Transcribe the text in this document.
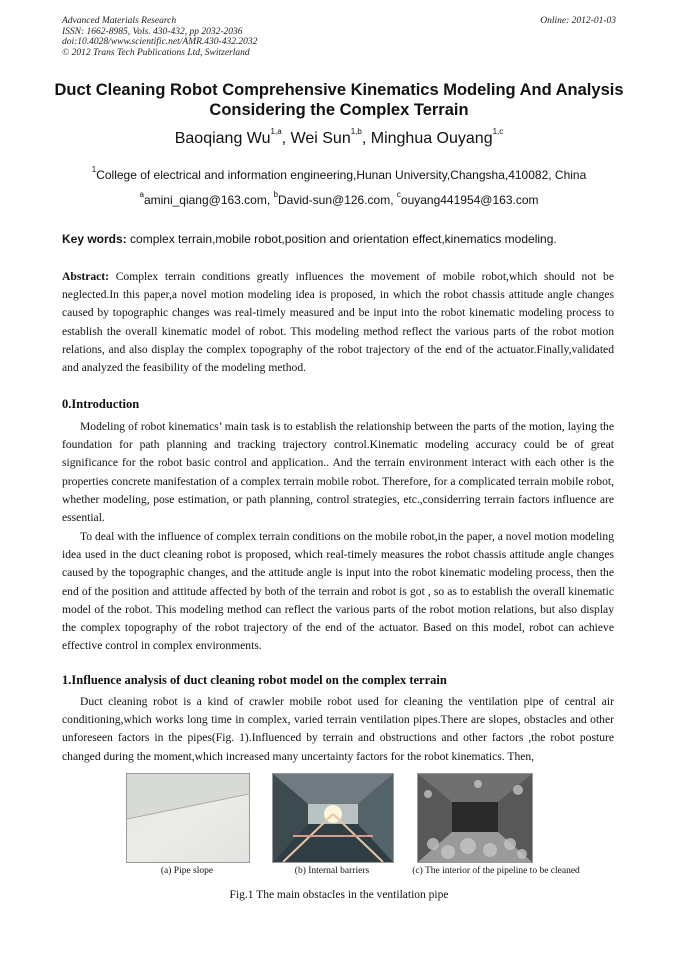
Advanced Materials Research
ISSN: 1662-8985, Vols. 430-432, pp 2032-2036
doi:10.4028/www.scientific.net/AMR.430-432.2032
© 2012 Trans Tech Publications Ltd, Switzerland
Online: 2012-01-03
Duct Cleaning Robot Comprehensive Kinematics Modeling And Analysis
Considering the Complex Terrain
Baoqiang Wu$^{1,a}$, Wei Sun$^{1,b}$, Minghua Ouyang$^{1,c}$
$^1$College of electrical and information engineering,Hunan University,Changsha,410082, China
$^a$amini_qiang@163.com, $^b$David-sun@126.com, $^c$ouyang441954@163.com
Key words: complex terrain,mobile robot,position and orientation effect,kinematics modeling.
Abstract: Complex terrain conditions greatly influences the movement of mobile robot,which should not be neglected.In this paper,a novel motion modeling idea is proposed, in which the robot chassis attitude angle changes caused by topographic changes was real-timely measured and be input into the robot kinematic modeling process to establish the overall kinematic model of robot. This modeling method reflect the various parts of the robot motion relations, and also display the complex topography of the robot trajectory of the end of the actuator.Finally,validated and analyzed the feasibility of the modeling method.
0.Introduction
Modeling of robot kinematics’ main task is to establish the relationship between the parts of the motion, laying the foundation for path planning and tracking trajectory control.Kinematic modeling accuracy could be of great significance for the robot basic control and application.. And the terrain environment interact with each other is the properties concrete manifestation of a complex terrain mobile robot. Therefore, for a complicated terrain mobile robot, whether modeling, pose estimation, or path planning, control strategies, etc.,considerring terrain factors influence are essential.
To deal with the influence of complex terrain conditions on the mobile robot,in the paper, a novel motion modeling idea used in the duct cleaning robot is proposed, which real-timely measures the robot chassis attitude angle changes caused by the topographic changes, and the attitude angle is input into the robot kinematic modeling process, then the end of the position and attitude affected by both of the terrain and robot is got , so as to establish the overall kinematic model of the robot. This modeling method can reflect the various parts of the robot motion relations, but also display the complex topography of the robot trajectory of the end of the actuator. Based on this model, robot can achieve effective control in complex environments.
1.Influence analysis of duct cleaning robot model on the complex terrain
Duct cleaning robot is a kind of crawler mobile robot used for cleaning the ventilation pipe of central air conditioning,which works long time in complex, varied terrain ventilation pipes.There are slopes, obstacles and other unforeseen factors in the pipes(Fig. 1).Influenced by terrain and obstructions and other factors ,the robot posture changed during the moment,which increased many uncertainty factors for the robot kinematics. Then,
(a) Pipe slope	(b) Internal barriers	(c) The interior of the pipeline to be cleaned
Fig.1 The main obstacles in the ventilation pipe
